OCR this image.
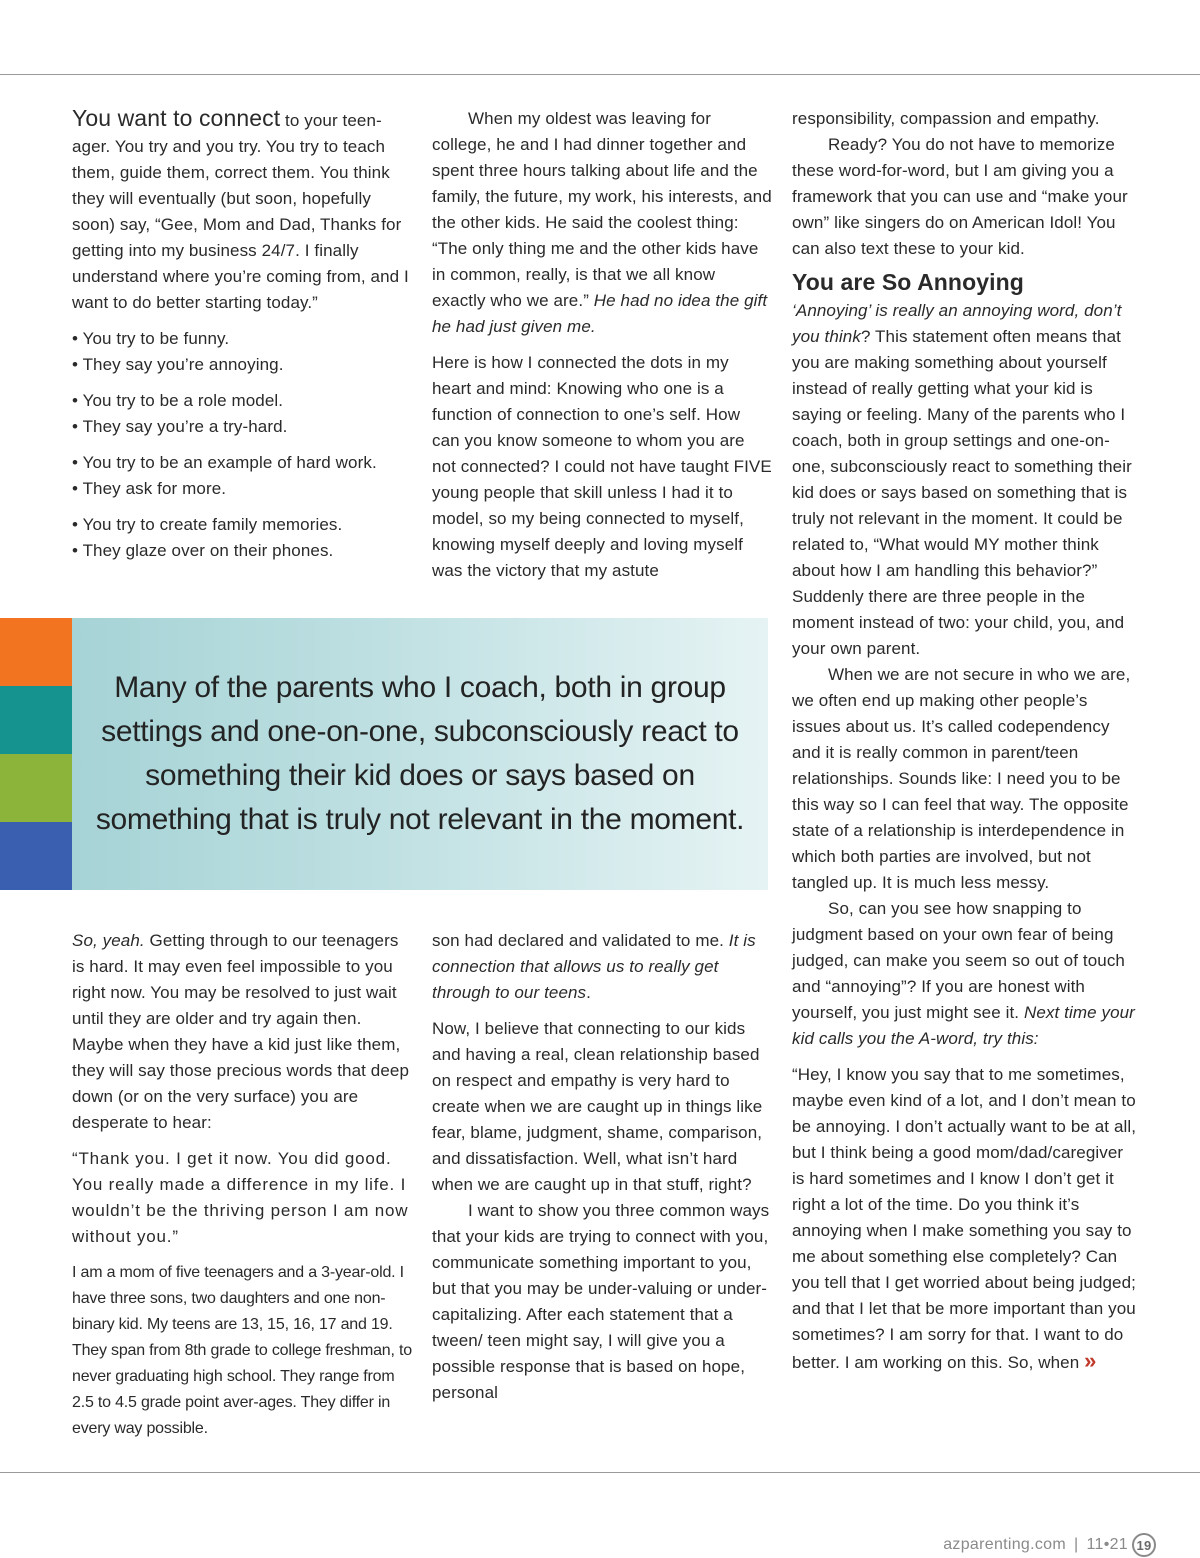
You want to connect to your teen-ager. You try and you try. You try to teach them, guide them, correct them. You think they will eventually (but soon, hopefully soon) say, “Gee, Mom and Dad, Thanks for getting into my business 24/7. I finally understand where you’re coming from, and I want to do better starting today.”

• You try to be funny.

• They say you’re annoying.

• You try to be a role model.

• They say you’re a try-hard.

• You try to be an example of hard work.

• They ask for more.

• You try to create family memories.

• They glaze over on their phones.

When my oldest was leaving for college, he and I had dinner together and spent three hours talking about life and the family, the future, my work, his interests, and the other kids. He said the coolest thing: “The only thing me and the other kids have in common, really, is that we all know exactly who we are.” He had no idea the gift he had just given me.

Here is how I connected the dots in my heart and mind: Knowing who one is a function of connection to one’s self. How can you know someone to whom you are not connected? I could not have taught FIVE young people that skill unless I had it to model, so my being connected to myself, knowing myself deeply and loving myself was the victory that my astute

Many of the parents who I coach, both in group settings and one-on-one, subconsciously react to something their kid does or says based on something that is truly not relevant in the moment.

So, yeah. Getting through to our teenagers is hard. It may even feel impossible to you right now. You may be resolved to just wait until they are older and try again then. Maybe when they have a kid just like them, they will say those precious words that deep down (or on the very surface) you are desperate to hear:

“Thank you. I get it now. You did good. You really made a difference in my life. I wouldn’t be the thriving person I am now without you.”

I am a mom of five teenagers and a 3-year-old. I have three sons, two daughters and one non-binary kid. My teens are 13, 15, 16, 17 and 19. They span from 8th grade to college freshman, to never graduating high school. They range from 2.5 to 4.5 grade point aver-ages. They differ in every way possible.

son had declared and validated to me. It is connection that allows us to really get through to our teens.

Now, I believe that connecting to our kids and having a real, clean relationship based on respect and empathy is very hard to create when we are caught up in things like fear, blame, judgment, shame, comparison, and dissatisfaction. Well, what isn’t hard when we are caught up in that stuff, right?

I want to show you three common ways that your kids are trying to connect with you, communicate something important to you, but that you may be under-valuing or under-capitalizing. After each statement that a tween/ teen might say, I will give you a possible response that is based on hope, personal

responsibility, compassion and empathy.

Ready? You do not have to memorize these word-for-word, but I am giving you a framework that you can use and “make your own” like singers do on American Idol! You can also text these to your kid.

You are So Annoying

‘Annoying’ is really an annoying word, don’t you think? This statement often means that you are making something about yourself instead of really getting what your kid is saying or feeling. Many of the parents who I coach, both in group settings and one-on-one, subconsciously react to something their kid does or says based on something that is truly not relevant in the moment. It could be related to, “What would MY mother think about how I am handling this behavior?” Suddenly there are three people in the moment instead of two: your child, you, and your own parent.

When we are not secure in who we are, we often end up making other people’s issues about us. It’s called codependency and it is really common in parent/teen relationships. Sounds like: I need you to be this way so I can feel that way. The opposite state of a relationship is interdependence in which both parties are involved, but not tangled up. It is much less messy.

So, can you see how snapping to judgment based on your own fear of being judged, can make you seem so out of touch and “annoying”? If you are honest with yourself, you just might see it. Next time your kid calls you the A-word, try this:

“Hey, I know you say that to me sometimes, maybe even kind of a lot, and I don’t mean to be annoying. I don’t actually want to be at all, but I think being a good mom/dad/caregiver is hard sometimes and I know I don’t get it right a lot of the time. Do you think it’s annoying when I make something you say to me about something else completely? Can you tell that I get worried about being judged; and that I let that be more important than you sometimes? I am sorry for that. I want to do better. I am working on this. So, when »

azparenting.com | 11•21 19
